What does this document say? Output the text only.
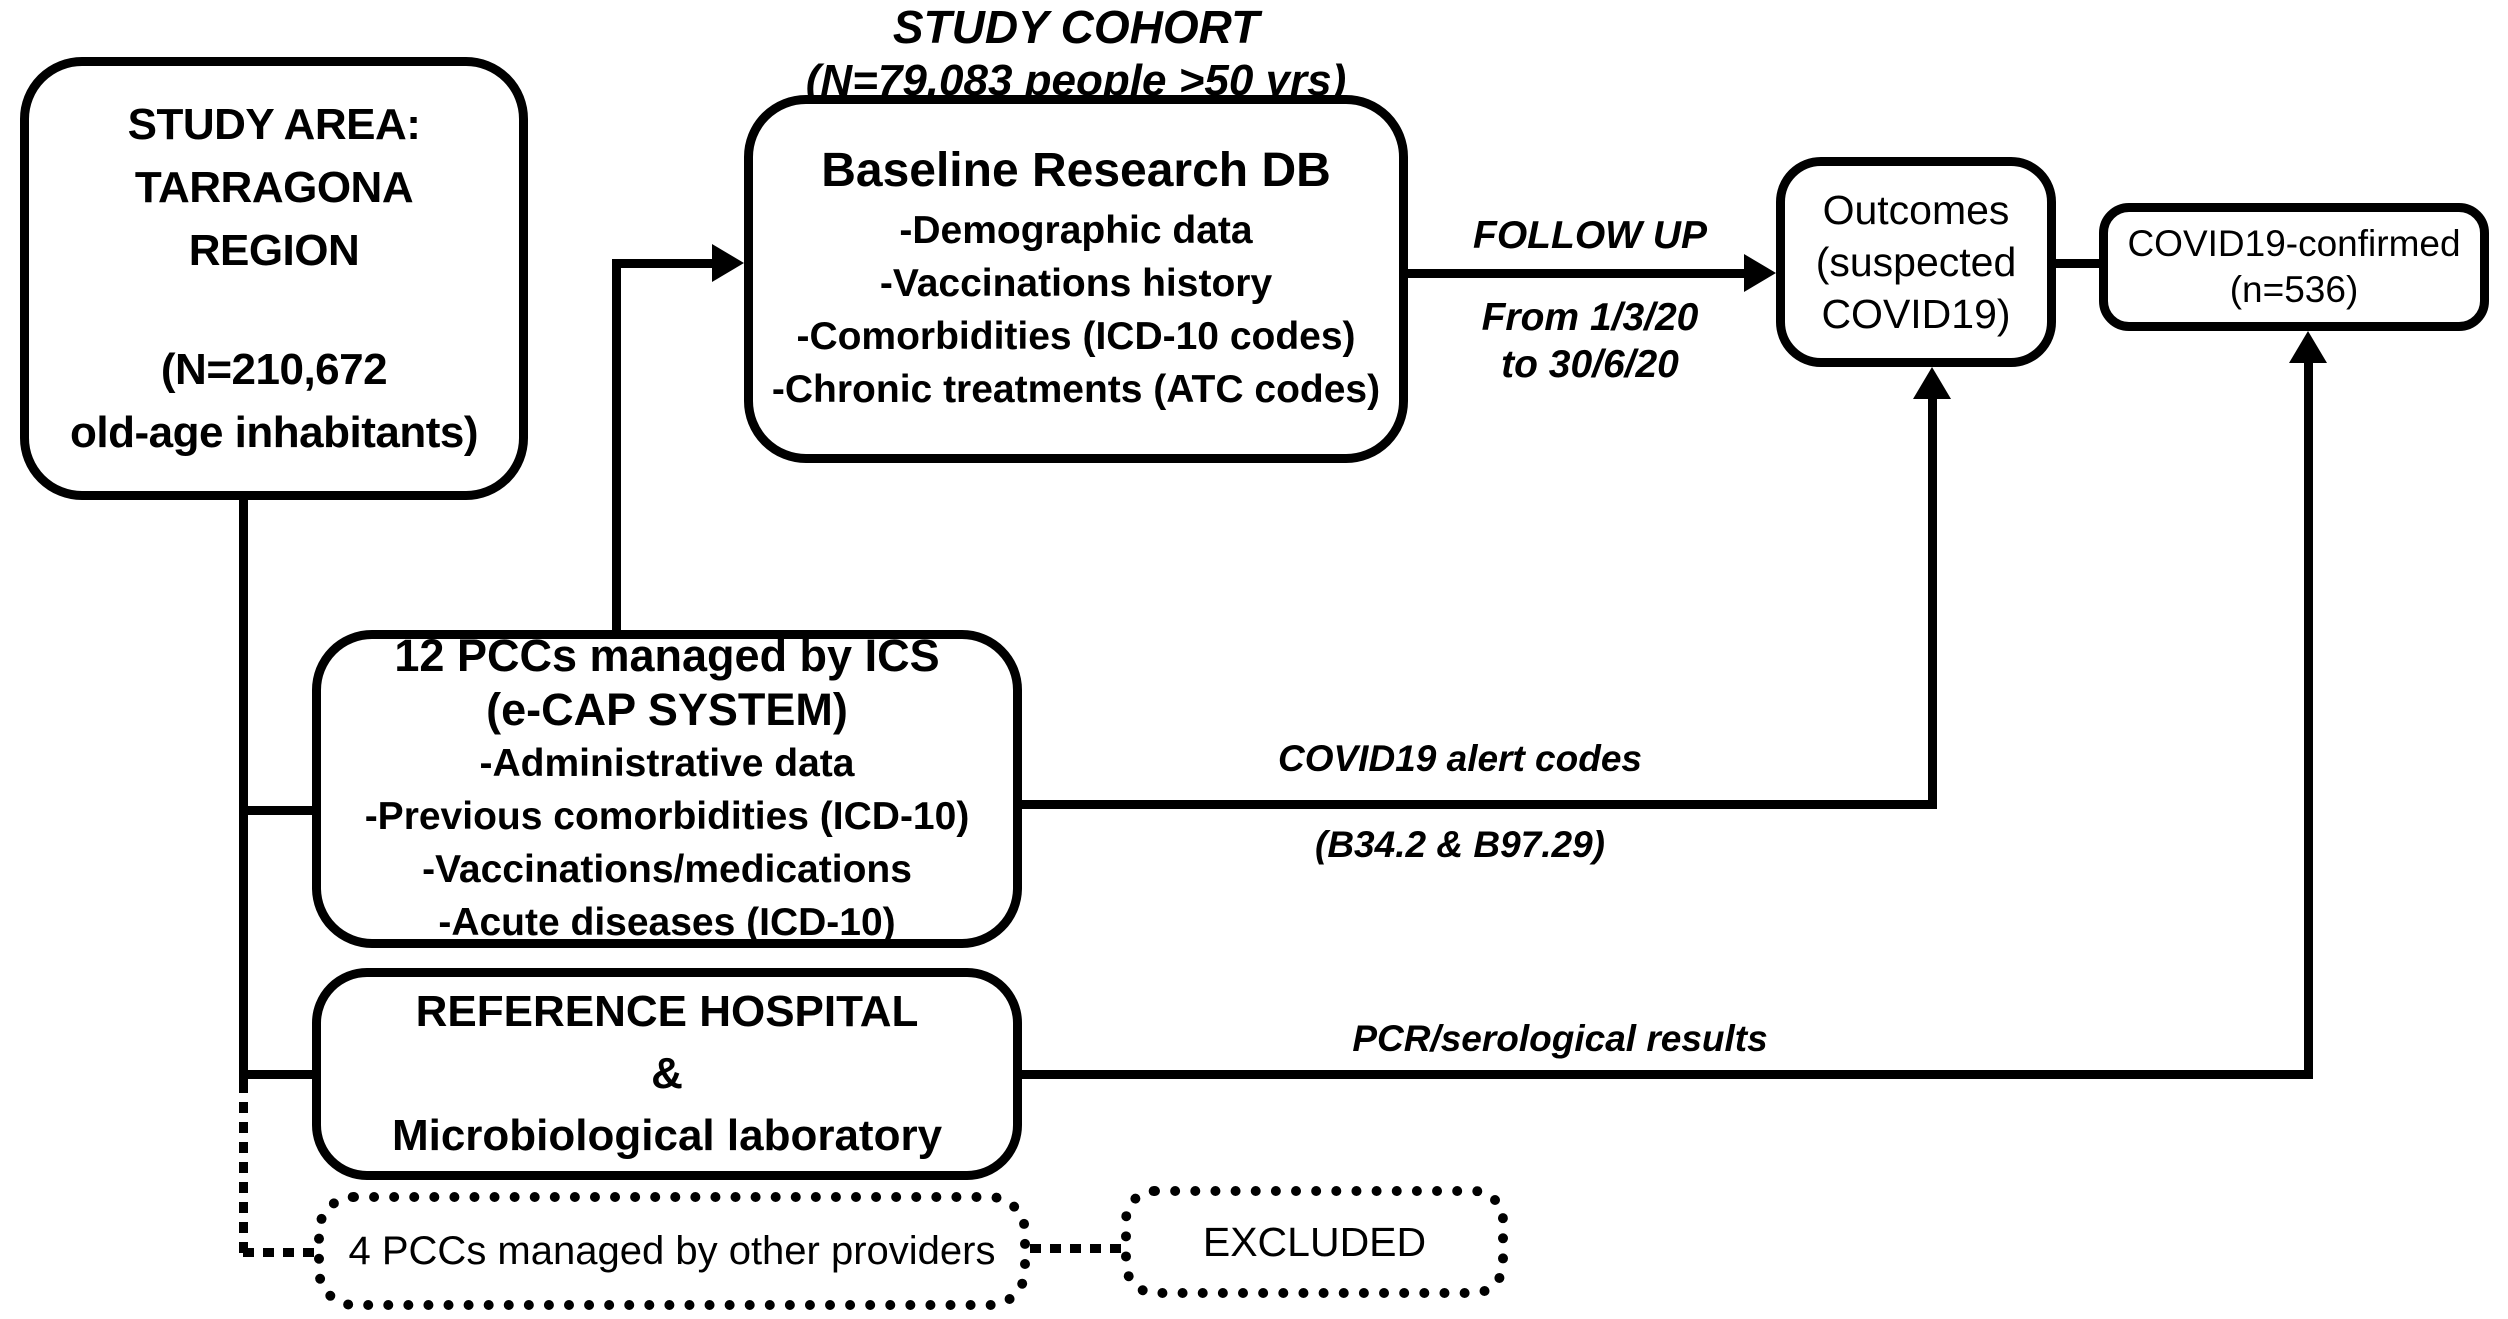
STUDY AREA:
TARRAGONA
REGION
(N=210,672
old-age inhabitants)
Baseline Research DB
-Demographic data
-Vaccinations history
-Comorbidities (ICD-10 codes)
-Chronic treatments (ATC codes)
Outcomes
(suspected
COVID19)
COVID19-confirmed
(n=536)
12 PCCs managed by ICS
(e-CAP SYSTEM)
-Administrative data
-Previous comorbidities (ICD-10)
-Vaccinations/medications
-Acute diseases (ICD-10)
REFERENCE HOSPITAL
&
Microbiological laboratory
4 PCCs managed by other providers	EXCLUDED
STUDY COHORT
(N=79,083 people >50 yrs)
FOLLOW UP
From 1/3/20
to 30/6/20
COVID19 alert codes
(B34.2 & B97.29)
PCR/serological results
